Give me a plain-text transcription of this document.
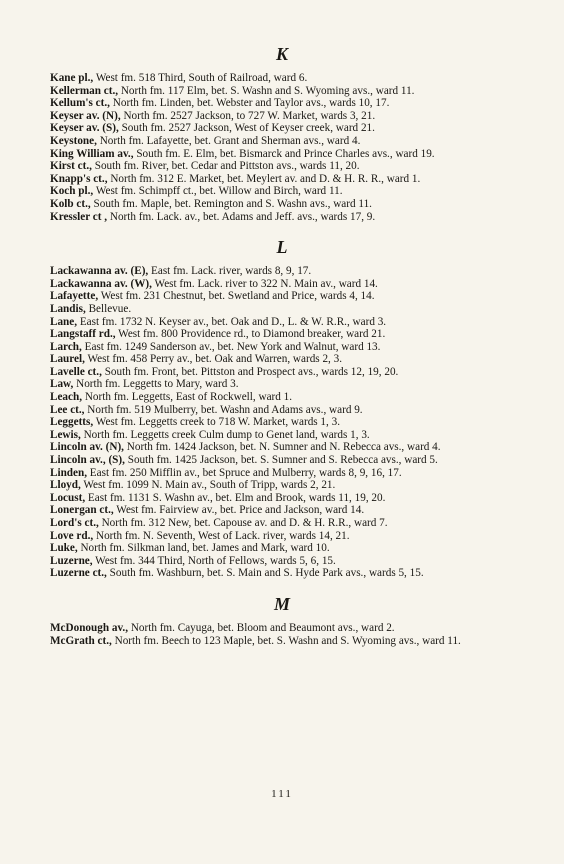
K

Kane pl., West fm. 518 Third, South of Railroad, ward 6.

Kellerman ct., North fm. 117 Elm, bet. S. Washn and S. Wyoming avs., ward 11.

Kellum's ct., North fm. Linden, bet. Webster and Taylor avs., wards 10, 17.

Keyser av. (N), North fm. 2527 Jackson, to 727 W. Market, wards 3, 21.

Keyser av. (S), South fm. 2527 Jackson, West of Keyser creek, ward 21.

Keystone, North fm. Lafayette, bet. Grant and Sherman avs., ward 4.

King William av., South fm. E. Elm, bet. Bismarck and Prince Charles avs., ward 19.

Kirst ct., South fm. River, bet. Cedar and Pittston avs., wards 11, 20.

Knapp's ct., North fm. 312 E. Market, bet. Meylert av. and D. & H. R. R., ward 1.

Koch pl., West fm. Schimpff ct., bet. Willow and Birch, ward 11.

Kolb ct., South fm. Maple, bet. Remington and S. Washn avs., ward 11.

Kressler ct , North fm. Lack. av., bet. Adams and Jeff. avs., wards 17, 9.

L

Lackawanna av. (E), East fm. Lack. river, wards 8, 9, 17.

Lackawanna av. (W), West fm. Lack. river to 322 N. Main av., ward 14.

Lafayette, West fm. 231 Chestnut, bet. Swetland and Price, wards 4, 14.

Landis, Bellevue.

Lane, East fm. 1732 N. Keyser av., bet. Oak and D., L. & W. R.R., ward 3.

Langstaff rd., West fm. 800 Providence rd., to Diamond breaker, ward 21.

Larch, East fm. 1249 Sanderson av., bet. New York and Walnut, ward 13.

Laurel, West fm. 458 Perry av., bet. Oak and Warren, wards 2, 3.

Lavelle ct., South fm. Front, bet. Pittston and Prospect avs., wards 12, 19, 20.

Law, North fm. Leggetts to Mary, ward 3.

Leach, North fm. Leggetts, East of Rockwell, ward 1.

Lee ct., North fm. 519 Mulberry, bet. Washn and Adams avs., ward 9.

Leggetts, West fm. Leggetts creek to 718 W. Market, wards 1, 3.

Lewis, North fm. Leggetts creek Culm dump to Genet land, wards 1, 3.

Lincoln av. (N), North fm. 1424 Jackson, bet. N. Sumner and N. Rebecca avs., ward 4.

Lincoln av., (S), South fm. 1425 Jackson, bet. S. Sumner and S. Rebecca avs., ward 5.

Linden, East fm. 250 Mifflin av., bet Spruce and Mulberry, wards 8, 9, 16, 17.

Lloyd, West fm. 1099 N. Main av., South of Tripp, wards 2, 21.

Locust, East fm. 1131 S. Washn av., bet. Elm and Brook, wards 11, 19, 20.

Lonergan ct., West fm. Fairview av., bet. Price and Jackson, ward 14.

Lord's ct., North fm. 312 New, bet. Capouse av. and D. & H. R.R., ward 7.

Love rd., North fm. N. Seventh, West of Lack. river, wards 14, 21.

Luke, North fm. Silkman land, bet. James and Mark, ward 10.

Luzerne, West fm. 344 Third, North of Fellows, wards 5, 6, 15.

Luzerne ct., South fm. Washburn, bet. S. Main and S. Hyde Park avs., wards 5, 15.

M

McDonough av., North fm. Cayuga, bet. Bloom and Beaumont avs., ward 2.

McGrath ct., North fm. Beech to 123 Maple, bet. S. Washn and S. Wyoming avs., ward 11.

111
